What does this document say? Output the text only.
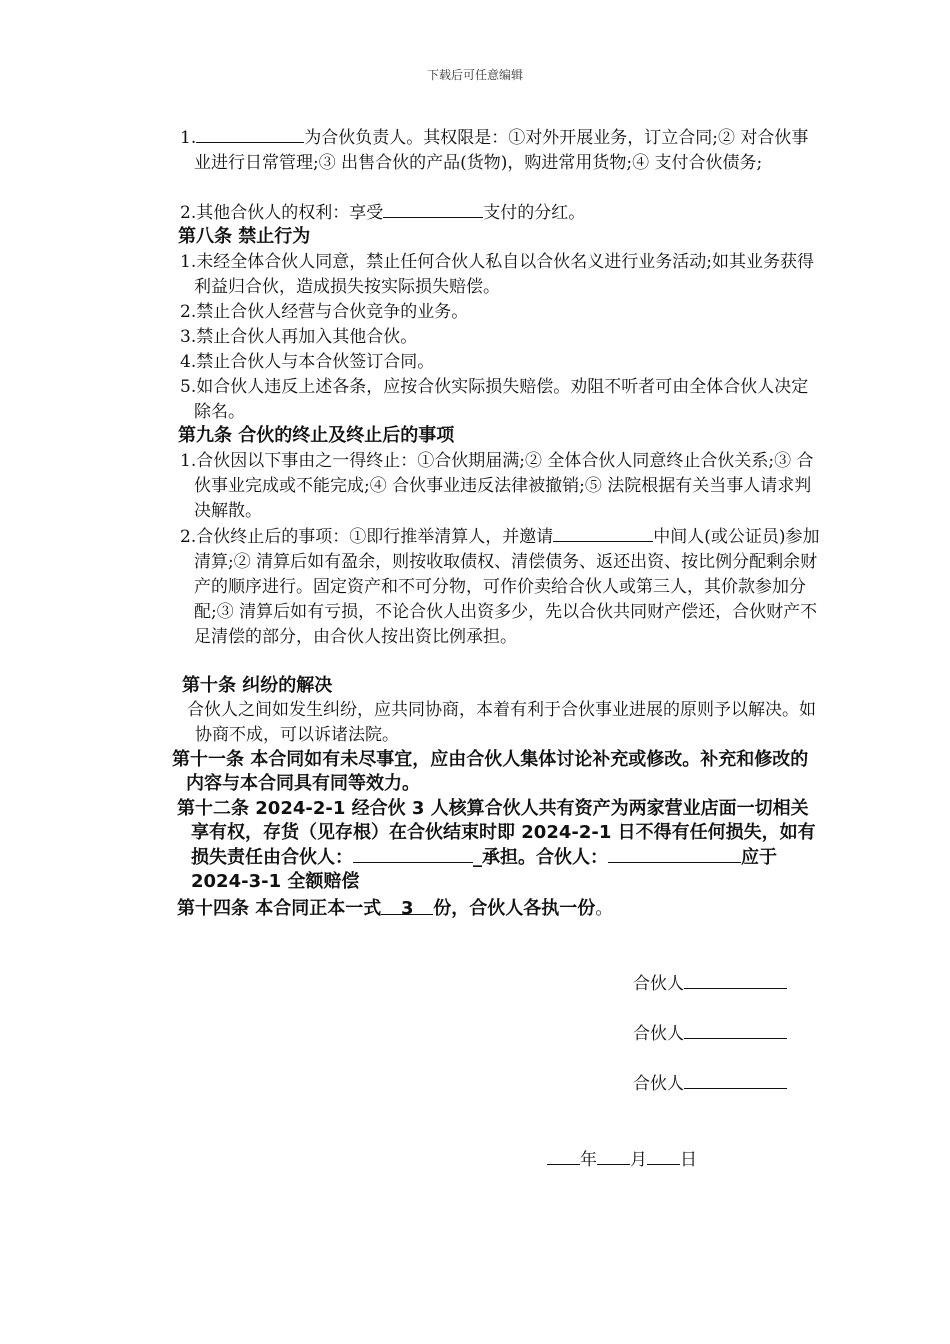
下载后可任意编辑
1.	为合伙负责人。其权限是：①对外开展业务，订立合同;② 对合伙事业进行日常管理;③ 出售合伙的产品(货物)，购进常用货物;④ 支付合伙债务;
2.其他合伙人的权利：享受	支付的分红。
第八条 禁止行为
1.未经全体合伙人同意，禁止任何合伙人私自以合伙名义进行业务活动;如其业务获得利益归合伙，造成损失按实际损失赔偿。
2.禁止合伙人经营与合伙竞争的业务。
3.禁止合伙人再加入其他合伙。
4.禁止合伙人与本合伙签订合同。
5.如合伙人违反上述各条，应按合伙实际损失赔偿。劝阻不听者可由全体合伙人决定除名。
第九条 合伙的终止及终止后的事项
1.合伙因以下事由之一得终止：①合伙期届满;② 全体合伙人同意终止合伙关系;③ 合伙事业完成或不能完成;④ 合伙事业违反法律被撤销;⑤ 法院根据有关当事人请求判决解散。
2.合伙终止后的事项：①即行推举清算人，并邀请	中间人(或公证员)参加清算;② 清算后如有盈余，则按收取债权、清偿债务、返还出资、按比例分配剩余财产的顺序进行。固定资产和不可分物，可作价卖给合伙人或第三人，其价款参加分配;③ 清算后如有亏损，不论合伙人出资多少，先以合伙共同财产偿还，合伙财产不足清偿的部分，由合伙人按出资比例承担。
第十条 纠纷的解决
合伙人之间如发生纠纷，应共同协商，本着有利于合伙事业进展的原则予以解决。如协商不成，可以诉诸法院。
第十一条 本合同如有未尽事宜，应由合伙人集体讨论补充或修改。补充和修改的内容与本合同具有同等效力。
第十二条 2024-2-1 经合伙 3 人核算合伙人共有资产为两家营业店面一切相关享有权，存货（见存根）在合伙结束时即 2024-2-1 日不得有任何损失，如有损失责任由合伙人：	_承担。合伙人：	应于 2024-3-1 全额赔偿
第十四条 本合同正本一式 3 份，合伙人各执一份。
合伙人
合伙人
合伙人
年 月 日
